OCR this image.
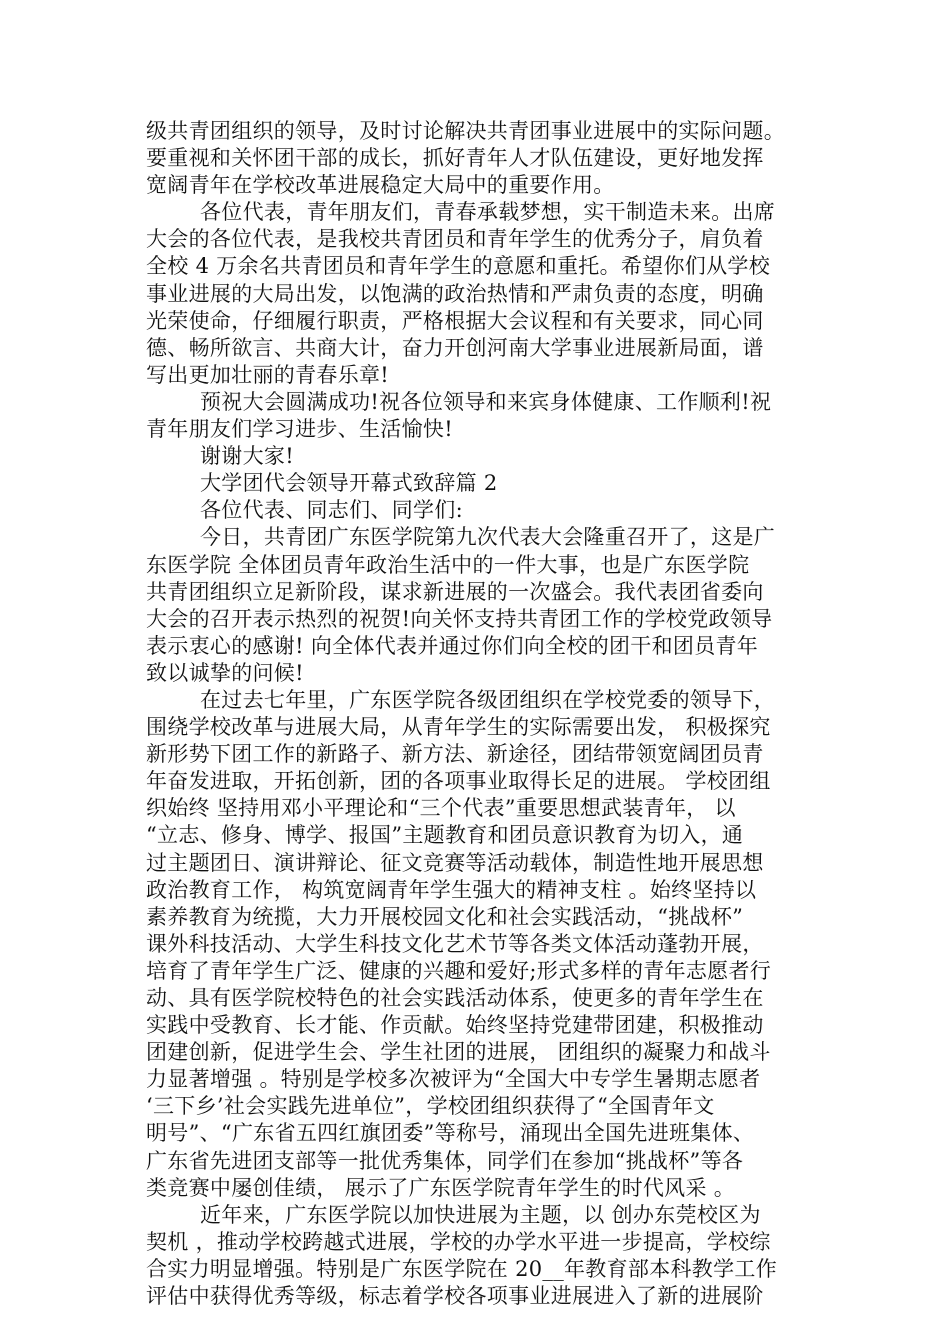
级共青团组织的领导，及时讨论解决共青团事业进展中的实际问题。
要重视和关怀团干部的成长，抓好青年人才队伍建设，更好地发挥
宽阔青年在学校改革进展稳定大局中的重要作用。
各位代表，青年朋友们，青春承载梦想，实干制造未来。出席
大会的各位代表，是我校共青团员和青年学生的优秀分子，肩负着
全校 4 万余名共青团员和青年学生的意愿和重托。希望你们从学校
事业进展的大局出发，以饱满的政治热情和严肃负责的态度，明确
光荣使命，仔细履行职责，严格根据大会议程和有关要求，同心同
德、畅所欲言、共商大计，奋力开创河南大学事业进展新局面，谱
写出更加壮丽的青春乐章!
预祝大会圆满成功!祝各位领导和来宾身体健康、工作顺利!祝
青年朋友们学习进步、生活愉快!
谢谢大家!
大学团代会领导开幕式致辞篇 2
各位代表、同志们、同学们:
今日，共青团广东医学院第九次代表大会隆重召开了，这是广
东医学院 全体团员青年政治生活中的一件大事，也是广东医学院
共青团组织立足新阶段，谋求新进展的一次盛会。我代表团省委向
大会的召开表示热烈的祝贺!向关怀支持共青团工作的学校党政领导
表示衷心的感谢! 向全体代表并通过你们向全校的团干和团员青年
致以诚挚的问候!
在过去七年里，广东医学院各级团组织在学校党委的领导下，
围绕学校改革与进展大局，从青年学生的实际需要出发， 积极探究
新形势下团工作的新路子、新方法、新途径，团结带领宽阔团员青
年奋发进取，开拓创新，团的各项事业取得长足的进展。 学校团组
织始终 坚持用邓小平理论和“三个代表”重要思想武装青年， 以
“立志、修身、博学、报国”主题教育和团员意识教育为切入，通
过主题团日、演讲辩论、征文竞赛等活动载体，制造性地开展思想
政治教育工作， 构筑宽阔青年学生强大的精神支柱 。始终坚持以
素养教育为统揽，大力开展校园文化和社会实践活动，“挑战杯”
课外科技活动、大学生科技文化艺术节等各类文体活动蓬勃开展，
培育了青年学生广泛、健康的兴趣和爱好;形式多样的青年志愿者行
动、具有医学院校特色的社会实践活动体系，使更多的青年学生在
实践中受教育、长才能、作贡献。始终坚持党建带团建，积极推动
团建创新，促进学生会、学生社团的进展， 团组织的凝聚力和战斗
力显著增强 。特别是学校多次被评为“全国大中专学生暑期志愿者
‘三下乡’社会实践先进单位”，学校团组织获得了“全国青年文
明号”、“广东省五四红旗团委”等称号，涌现出全国先进班集体、
广东省先进团支部等一批优秀集体，同学们在参加“挑战杯”等各
类竞赛中屡创佳绩， 展示了广东医学院青年学生的时代风采 。
近年来，广东医学院以加快进展为主题，以 创办东莞校区为
契机 ，推动学校跨越式进展，学校的办学水平进一步提高，学校综
合实力明显增强。特别是广东医学院在 20__年教育部本科教学工作
评估中获得优秀等级，标志着学校各项事业进展进入了新的进展阶
